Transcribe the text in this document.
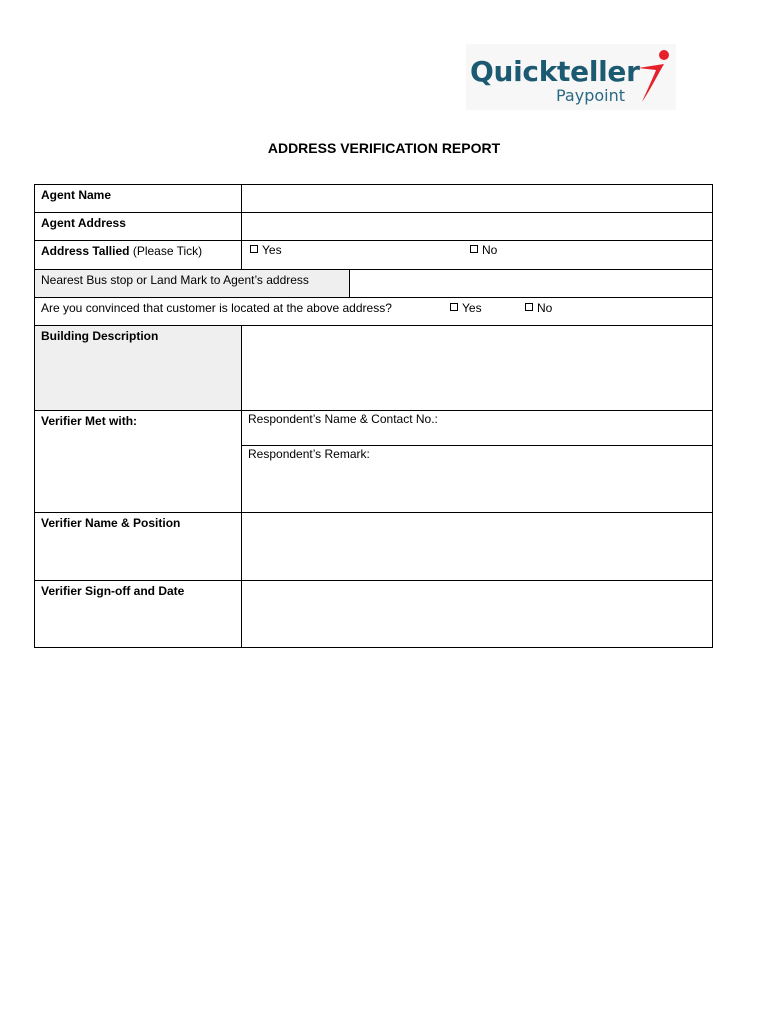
Quickteller
Paypoint
ADDRESS VERIFICATION REPORT
Agent Name
Agent Address
Address Tallied (Please Tick)	Yes	No
Nearest Bus stop or Land Mark to Agent’s address
Are you convinced that customer is located at the above address?	Yes	No
Building Description
Verifier Met with:	Respondent’s Name & Contact No.:
Respondent’s Remark:
Verifier Name & Position
Verifier Sign-off and Date
